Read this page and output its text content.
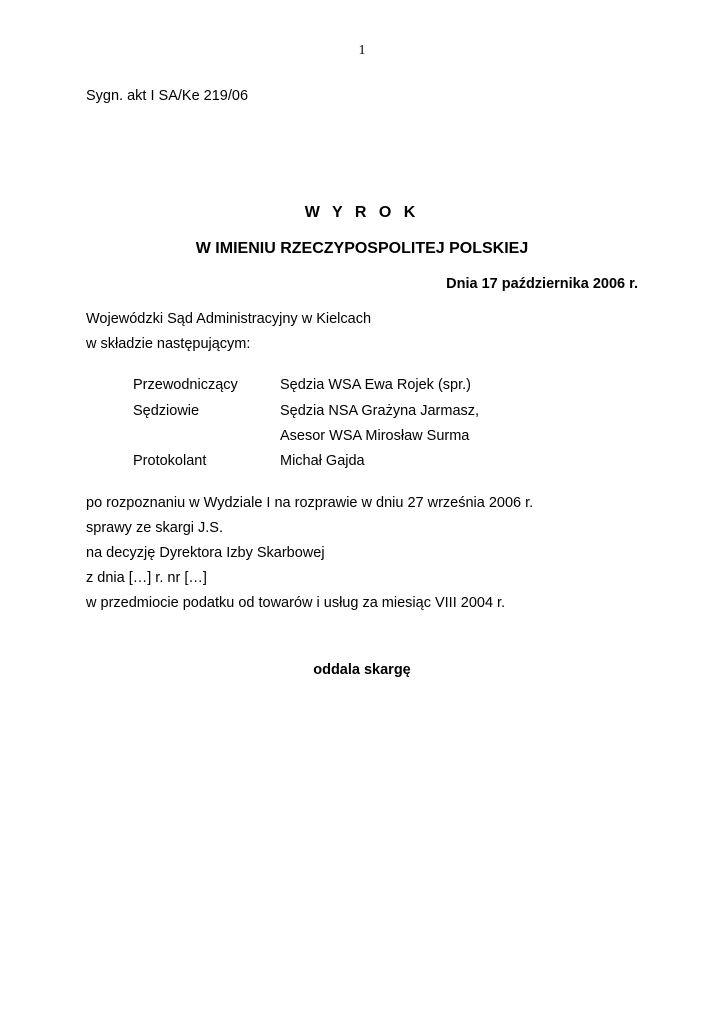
1
Sygn. akt I SA/Ke 219/06
W Y R O K
W IMIENIU RZECZYPOSPOLITEJ POLSKIEJ
Dnia 17 października 2006 r.
Wojewódzki Sąd Administracyjny w Kielcach
w składzie następującym:
Przewodniczący	Sędzia WSA Ewa Rojek (spr.)
Sędziowie	Sędzia NSA Grażyna Jarmasz,
Asesor WSA Mirosław Surma
Protokolant	Michał Gajda
po rozpoznaniu w Wydziale I na rozprawie w dniu 27 września 2006 r.
sprawy ze skargi J.S.
na decyzję Dyrektora Izby Skarbowej
z dnia […] r. nr […]
w przedmiocie podatku od towarów i usług za miesiąc VIII 2004 r.
oddala skargę
